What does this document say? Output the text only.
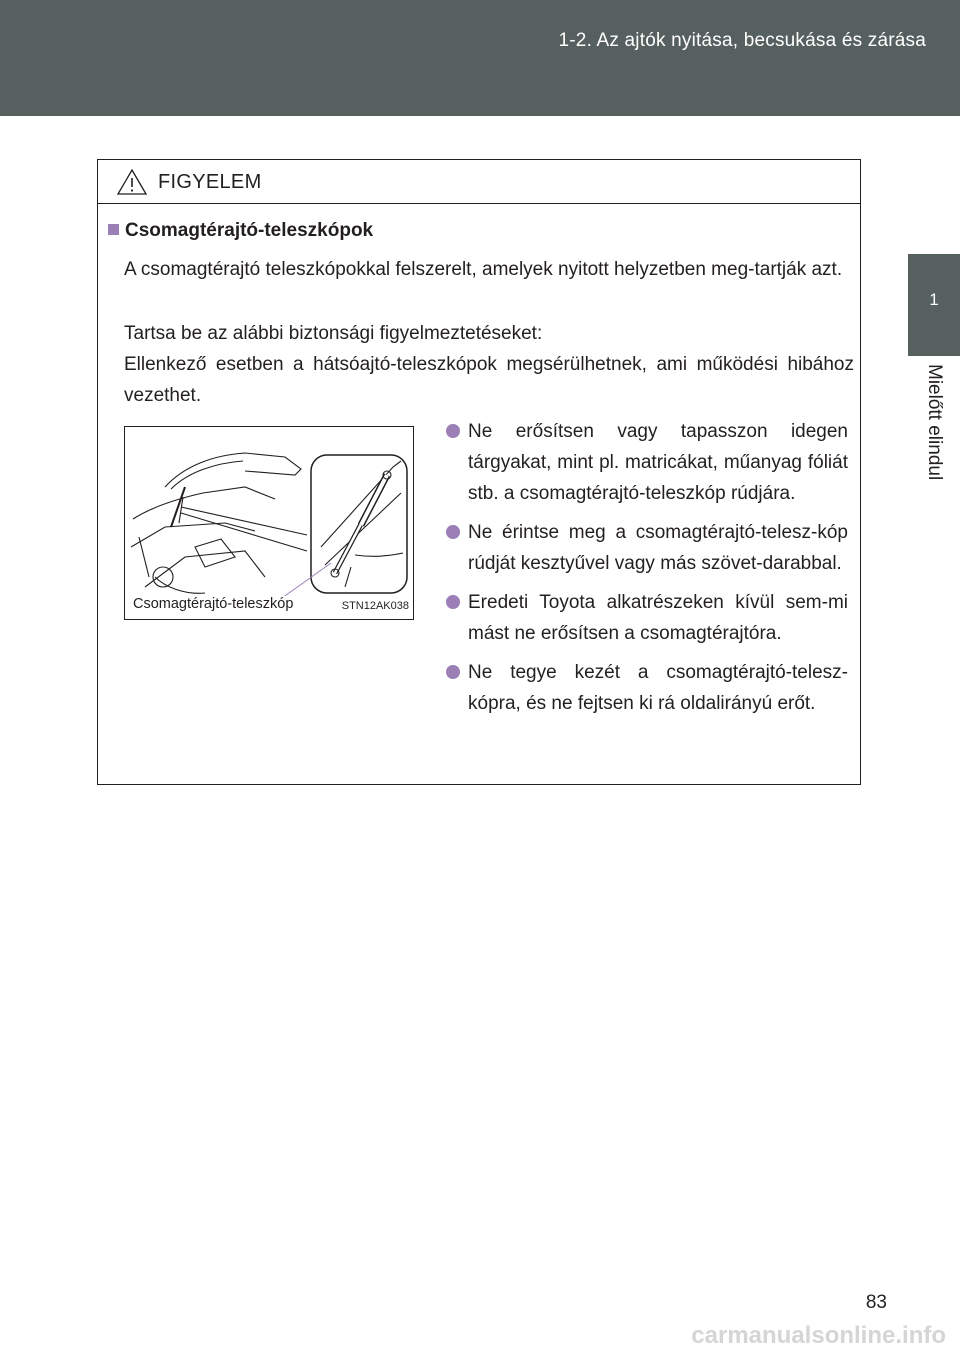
1-2. Az ajtók nyitása, becsukása és zárása
1
Mielőtt elindul
FIGYELEM
Csomagtérajtó-teleszkópok
A csomagtérajtó teleszkópokkal felszerelt, amelyek nyitott helyzetben meg-tartják azt.
Tartsa be az alábbi biztonsági figyelmeztetéseket:
Ellenkező esetben a hátsóajtó-teleszkópok megsérülhetnek, ami működési hibához vezethet.
Csomagtérajtó-teleszkóp	STN12AK038
Ne erősítsen vagy tapasszon idegen tárgyakat, mint pl. matricákat, műanyag fóliát stb. a csomagtérajtó-teleszkóp rúdjára.
Ne érintse meg a csomagtérajtó-telesz-kóp rúdját kesztyűvel vagy más szövet-darabbal.
Eredeti Toyota alkatrészeken kívül sem-mi mást ne erősítsen a csomagtérajtóra.
Ne tegye kezét a csomagtérajtó-telesz-kópra, és ne fejtsen ki rá oldalirányú erőt.
83
carmanualsonline.info
